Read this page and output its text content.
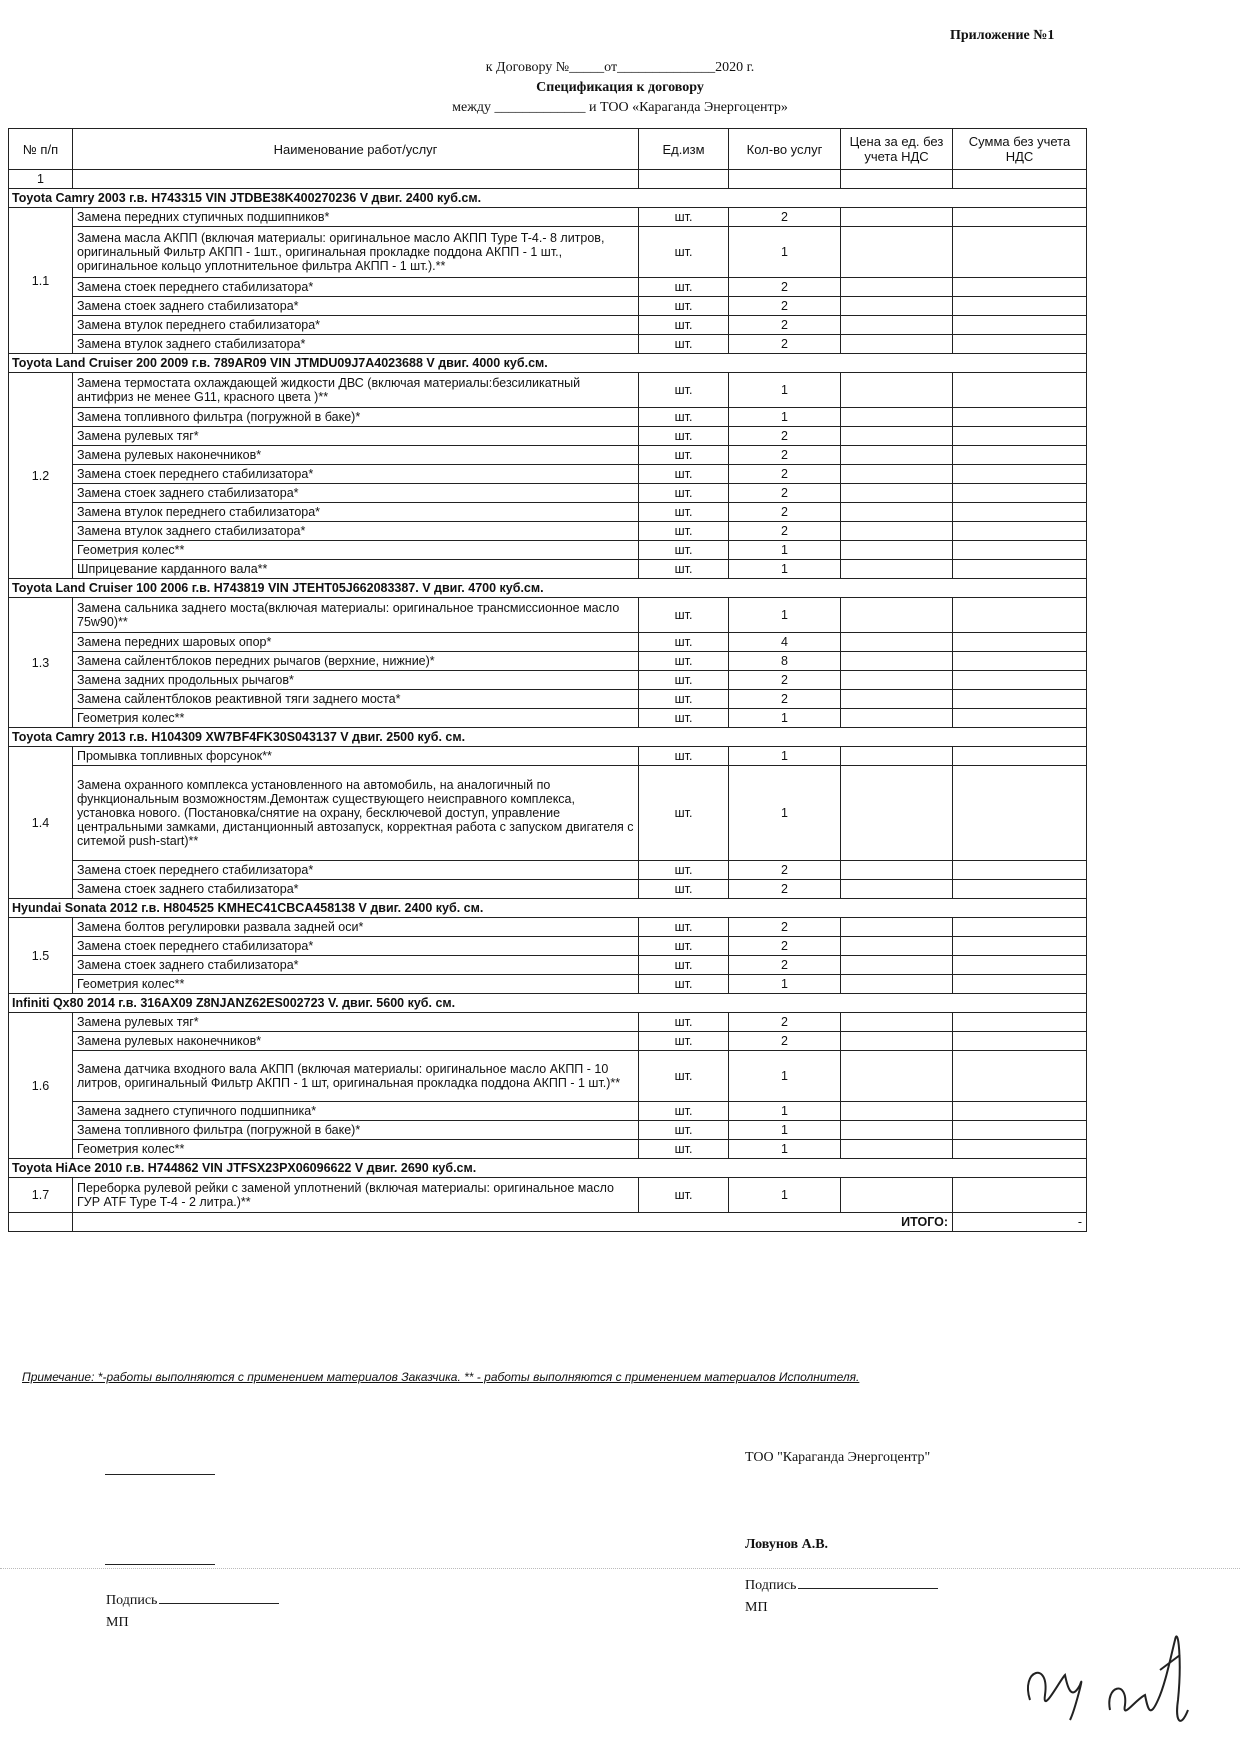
Приложение №1
к Договору №_____от______________2020 г.
Спецификация к договору
между _____________ и ТОО «Караганда Энергоцентр»
№ п/п	Наименование работ/услуг	Ед.изм	Кол-во услуг	Цена за ед. без учета НДС	Сумма без учета НДС
1					
Toyota Camry 2003 г.в. H743315 VIN JTDBE38K400270236 V двиг. 2400 куб.см.					
1.1	Замена передних ступичных подшипников*	шт.	2		
	Замена масла АКПП (включая материалы: оригинальное масло АКПП Type T-4.- 8 литров, оригинальный Фильтр АКПП - 1шт., оригинальная прокладке поддона АКПП - 1 шт., оригинальное кольцо уплотнительное фильтра АКПП - 1 шт.).**	шт.	1		
	Замена стоек переднего стабилизатора*	шт.	2		
	Замена стоек заднего стабилизатора*	шт.	2		
	Замена втулок переднего стабилизатора*	шт.	2		
	Замена втулок заднего стабилизатора*	шт.	2		
Toyota Land Cruiser 200 2009 г.в. 789AR09 VIN JTMDU09J7A4023688 V двиг. 4000 куб.см.					
1.2	Замена термостата охлаждающей жидкости ДВС (включая материалы:безсиликатный антифриз не менее G11, красного цвета )**	шт.	1		
	Замена топливного фильтра (погружной в баке)*	шт.	1		
	Замена рулевых тяг*	шт.	2		
	Замена рулевых наконечников*	шт.	2		
	Замена стоек переднего стабилизатора*	шт.	2		
	Замена стоек заднего стабилизатора*	шт.	2		
	Замена втулок переднего стабилизатора*	шт.	2		
	Замена втулок заднего стабилизатора*	шт.	2		
	Геометрия колес**	шт.	1		
	Шприцевание карданного вала**	шт.	1		
Toyota Land Cruiser 100 2006 г.в. H743819 VIN JTEHT05J662083387. V двиг. 4700 куб.см.					
1.3	Замена сальника заднего моста(включая материалы: оригинальное трансмиссионное масло 75w90)**	шт.	1		
	Замена передних шаровых опор*	шт.	4		
	Замена сайлентблоков передних рычагов (верхние, нижние)*	шт.	8		
	Замена задних продольных рычагов*	шт.	2		
	Замена сайлентблоков реактивной тяги заднего моста*	шт.	2		
	Геометрия колес**	шт.	1		
Toyota Camry 2013 г.в. H104309 XW7BF4FK30S043137 V двиг. 2500 куб. см.					
1.4	Промывка топливных форсунок**	шт.	1		
	Замена охранного комплекса установленного на автомобиль, на аналогичный по функциональным возможностям.Демонтаж существующего неисправного комплекса, установка нового. (Постановка/снятие на охрану, бесключевой доступ, управление центральными замками, дистанционный автозапуск, корректная работа с запуском двигателя с ситемой push-start)**	шт.	1		
	Замена стоек переднего стабилизатора*	шт.	2		
	Замена стоек заднего стабилизатора*	шт.	2		
Hyundai Sonata 2012 г.в. H804525 KMHEC41CBCA458138 V двиг. 2400 куб. см.					
1.5	Замена болтов регулировки развала задней оси*	шт.	2		
	Замена стоек переднего стабилизатора*	шт.	2		
	Замена стоек заднего стабилизатора*	шт.	2		
	Геометрия колес**	шт.	1		
Infiniti Qx80 2014 г.в. 316AX09 Z8NJANZ62ES002723 V. двиг. 5600 куб. см.					
1.6	Замена рулевых тяг*	шт.	2		
	Замена рулевых наконечников*	шт.	2		
	Замена датчика входного вала АКПП (включая материалы: оригинальное масло АКПП - 10 литров, оригинальный Фильтр АКПП - 1 шт, оригинальная прокладка поддона АКПП - 1 шт.)**	шт.	1		
	Замена заднего ступичного подшипника*	шт.	1		
	Замена топливного фильтра (погружной в баке)*	шт.	1		
	Геометрия колес**	шт.	1		
Toyota HiAce 2010 г.в. H744862 VIN JTFSX23PX06096622 V двиг. 2690 куб.см.					
1.7	Переборка рулевой рейки с заменой уплотнений (включая материалы: оригинальное масло ГУР ATF Type T-4 - 2 литра.)**	шт.	1		
	ИТОГО:				-
Примечание: *-работы выполняются с применением материалов Заказчика. ** - работы выполняются с применением материалов Исполнителя.
ТОО "Караганда Энергоцентр"
Ловунов А.В.
Подпись
МП
Подпись
МП
